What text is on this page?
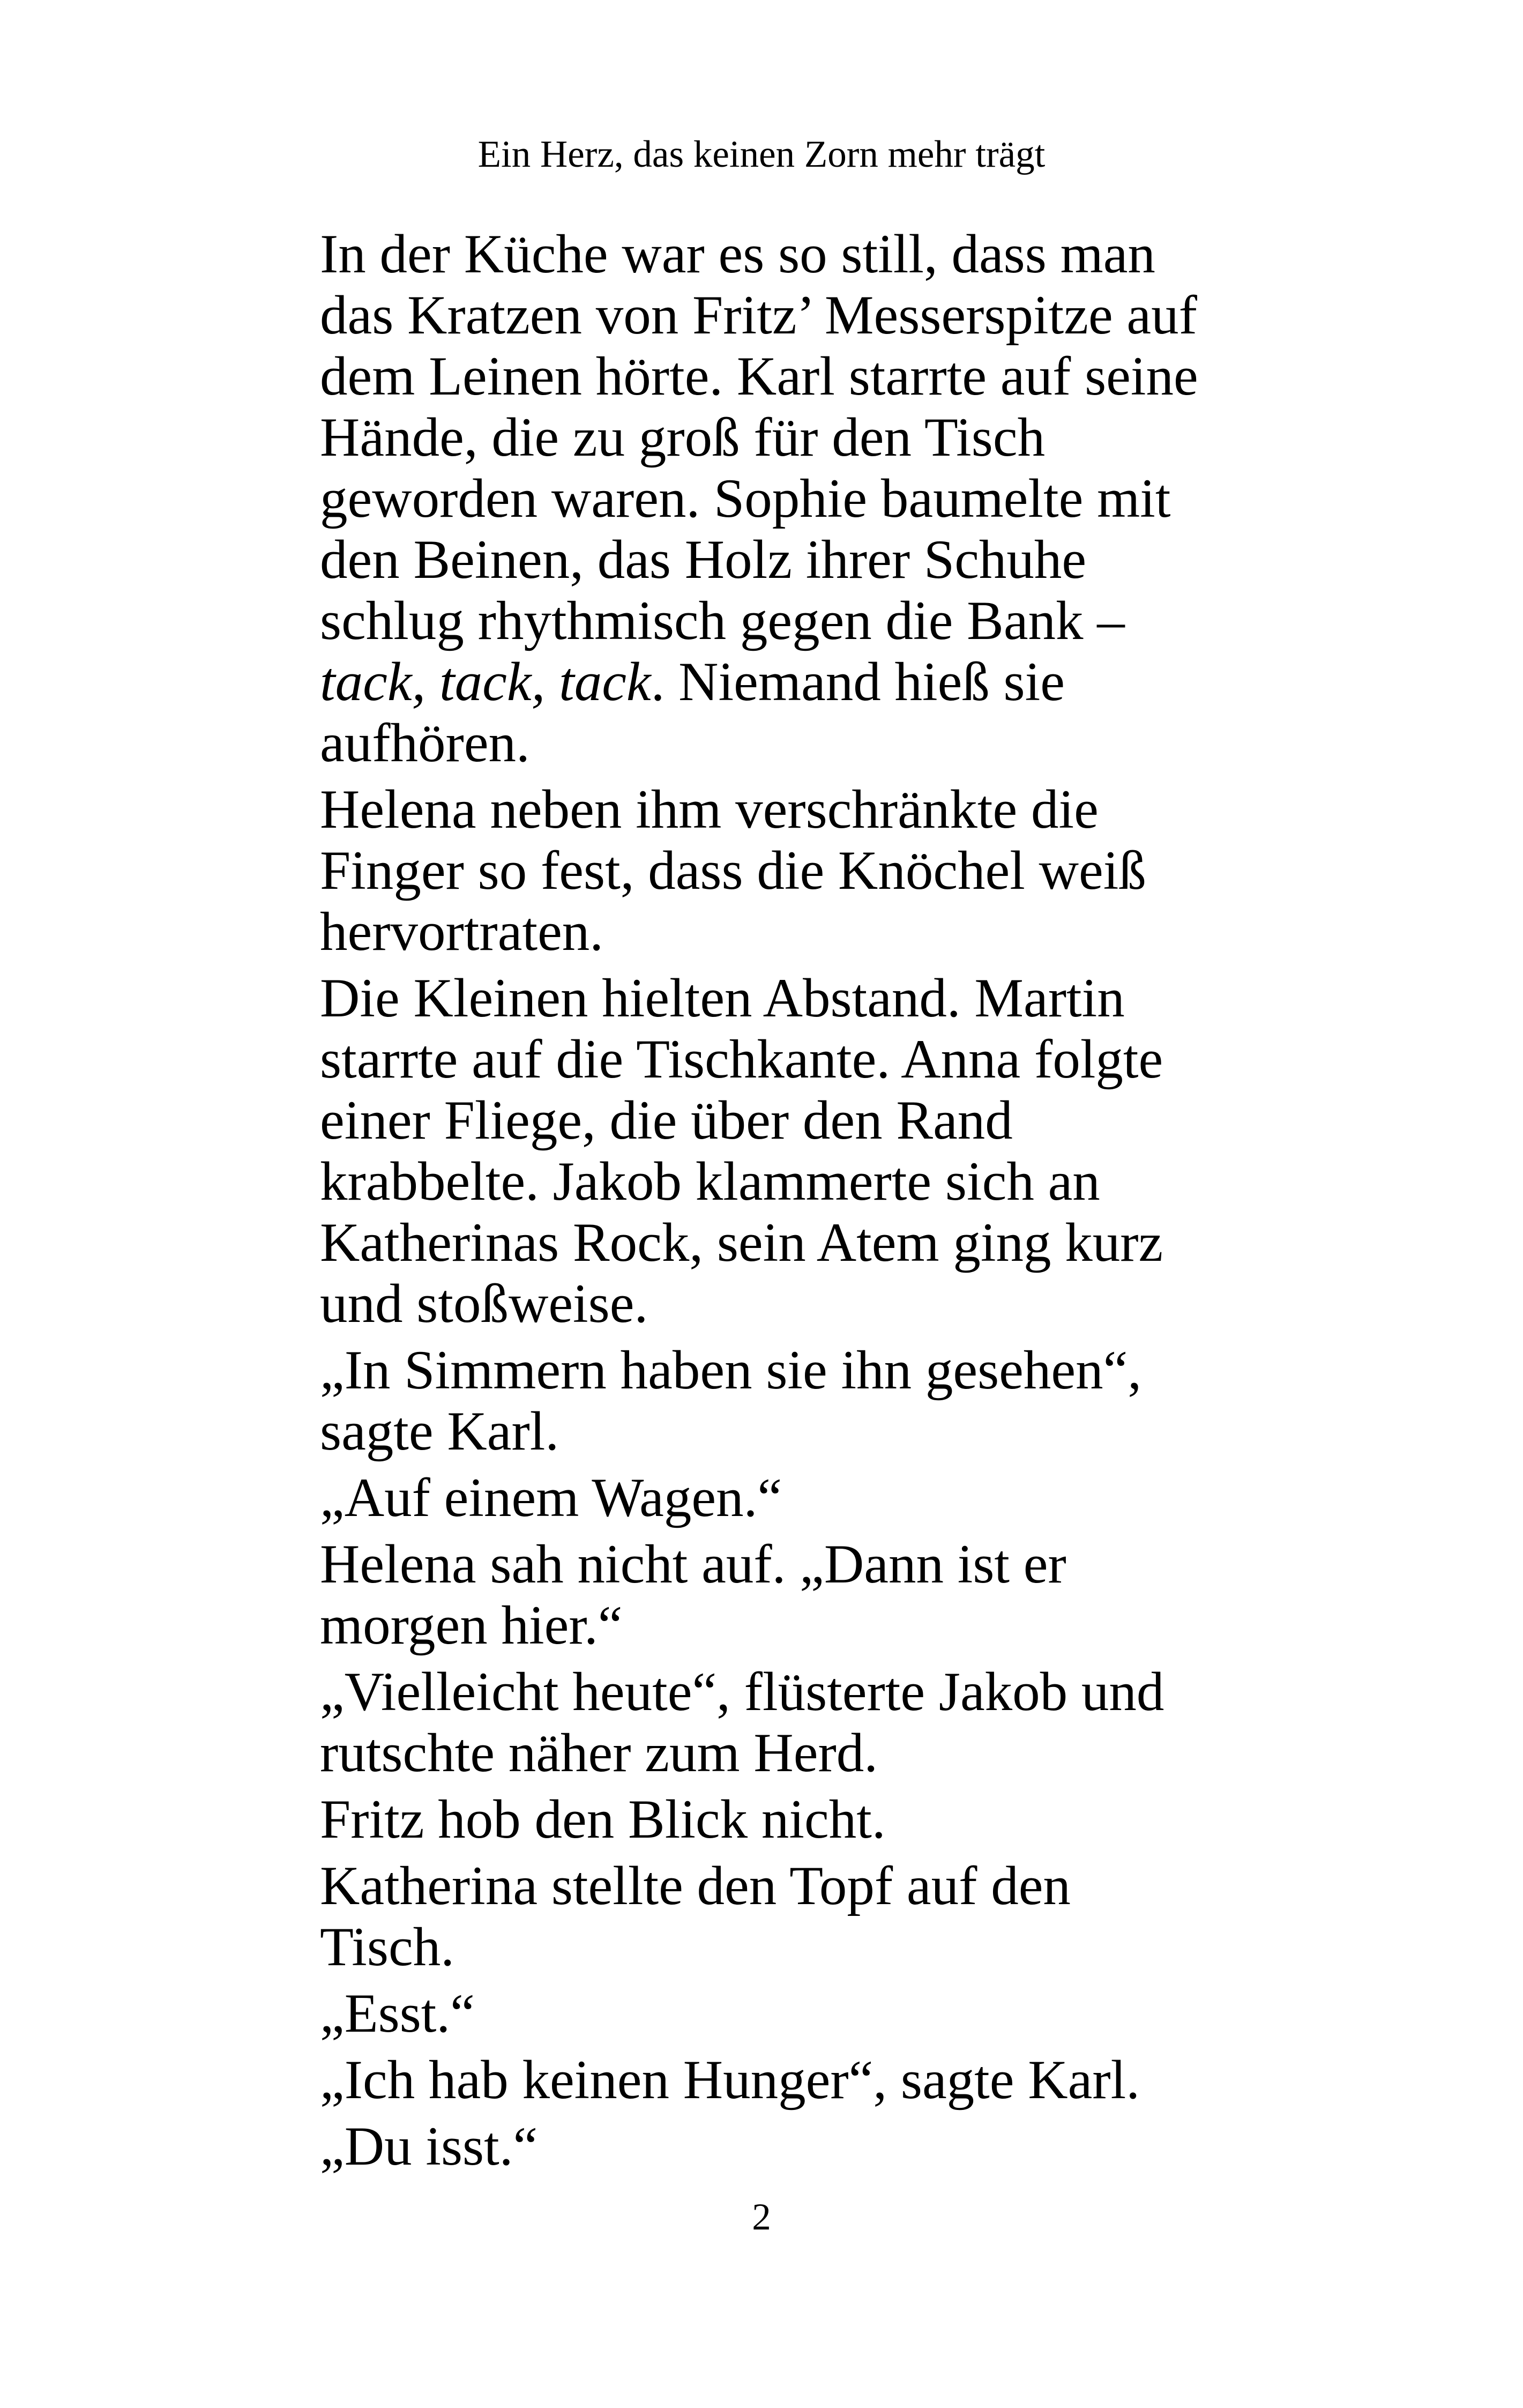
Ein Herz, das keinen Zorn mehr trägt

In der Küche war es so still, dass man das Kratzen von Fritz’ Messerspitze auf dem Leinen hörte. Karl starrte auf seine Hände, die zu groß für den Tisch geworden waren. Sophie baumelte mit den Beinen, das Holz ihrer Schuhe schlug rhythmisch gegen die Bank – tack, tack, tack. Niemand hieß sie aufhören.

Helena neben ihm verschränkte die Finger so fest, dass die Knöchel weiß hervortraten.

Die Kleinen hielten Abstand. Martin starrte auf die Tischkante. Anna folgte einer Fliege, die über den Rand krabbelte. Jakob klammerte sich an Katherinas Rock, sein Atem ging kurz und stoßweise.

„In Simmern haben sie ihn gesehen“, sagte Karl.

„Auf einem Wagen.“

Helena sah nicht auf. „Dann ist er morgen hier.“

„Vielleicht heute“, flüsterte Jakob und rutschte näher zum Herd.

Fritz hob den Blick nicht.

Katherina stellte den Topf auf den Tisch.

„Esst.“

„Ich hab keinen Hunger“, sagte Karl.

„Du isst.“

2
